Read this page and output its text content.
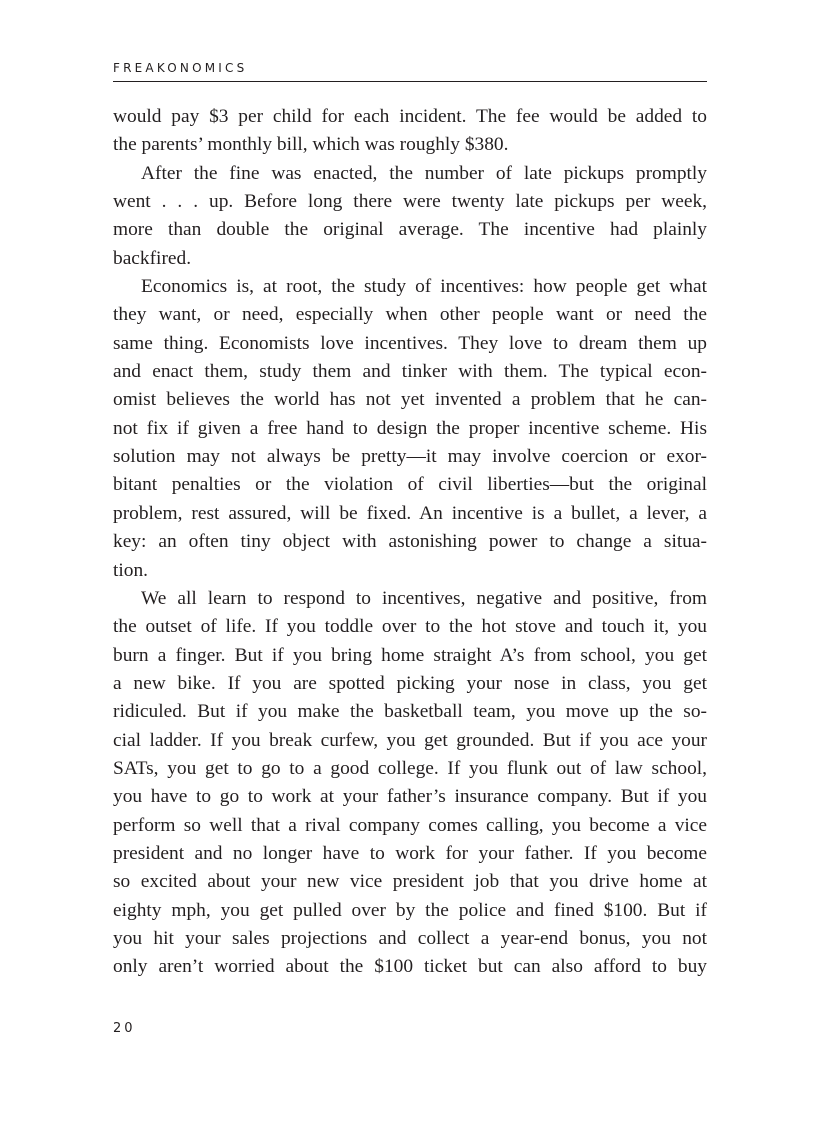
FREAKONOMICS
would pay $3 per child for each incident. The fee would be added to
the parents’ monthly bill, which was roughly $380.
After the fine was enacted, the number of late pickups promptly
went . . . up. Before long there were twenty late pickups per week,
more than double the original average. The incentive had plainly
backfired.
Economics is, at root, the study of incentives: how people get what
they want, or need, especially when other people want or need the
same thing. Economists love incentives. They love to dream them up
and enact them, study them and tinker with them. The typical econ-
omist believes the world has not yet invented a problem that he can-
not fix if given a free hand to design the proper incentive scheme. His
solution may not always be pretty—it may involve coercion or exor-
bitant penalties or the violation of civil liberties—but the original
problem, rest assured, will be fixed. An incentive is a bullet, a lever, a
key: an often tiny object with astonishing power to change a situa-
tion.
We all learn to respond to incentives, negative and positive, from
the outset of life. If you toddle over to the hot stove and touch it, you
burn a finger. But if you bring home straight A’s from school, you get
a new bike. If you are spotted picking your nose in class, you get
ridiculed. But if you make the basketball team, you move up the so-
cial ladder. If you break curfew, you get grounded. But if you ace your
SATs, you get to go to a good college. If you flunk out of law school,
you have to go to work at your father’s insurance company. But if you
perform so well that a rival company comes calling, you become a vice
president and no longer have to work for your father. If you become
so excited about your new vice president job that you drive home at
eighty mph, you get pulled over by the police and fined $100. But if
you hit your sales projections and collect a year-end bonus, you not
only aren’t worried about the $100 ticket but can also afford to buy
20
